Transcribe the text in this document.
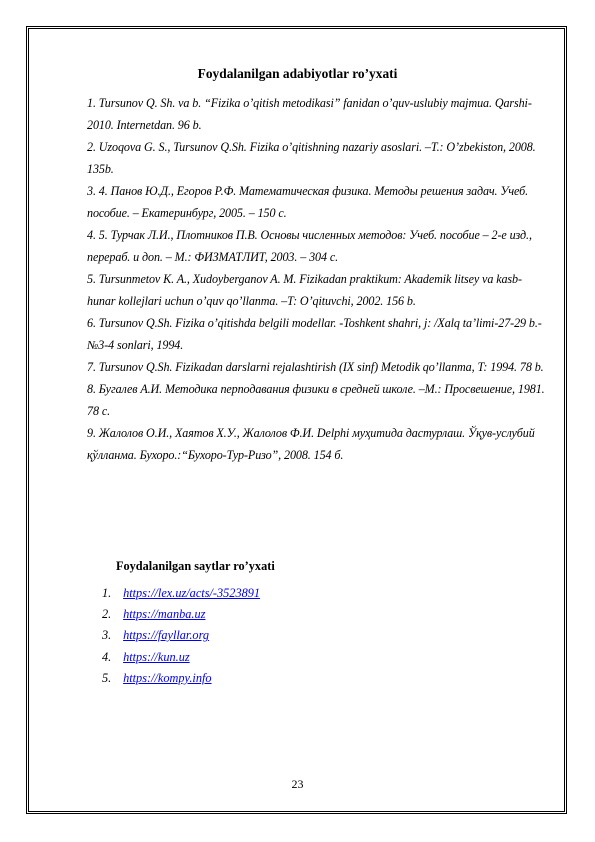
Foydalanilgan adabiyotlar ro’yxati
1. Tursunov Q. Sh. va b. “Fizika o’qitish metodikasi” fanidan o’quv-uslubiy majmua. Qarshi-2010. Internetdan. 96 b.
2. Uzoqova G. S., Tursunov Q.Sh. Fizika o’qitishning nazariy asoslari. –T.: O’zbekiston, 2008. 135b.
3. 4. Панов Ю.Д., Егоров Р.Ф. Математическая физика. Методы решения задач. Учеб. пособие. – Екатеринбург, 2005. – 150 с.
4. 5. Турчак Л.И., Плотников П.В. Основы численных методов: Учеб. пособие – 2-е изд., перераб. и доп. – М.: ФИЗМАТЛИТ, 2003. – 304 с.
5. Tursunmetov K. A., Xudoyberganov A. M. Fizikadan praktikum: Akademik litsey va kasb-hunar kollejlari uchun o’quv qo’llanma. –T: O’qituvchi, 2002. 156 b.
6. Tursunov Q.Sh. Fizika o’qitishda belgili modellar. -Toshkent shahri, j: /Xalq ta’limi-27-29 b.-№3-4 sonlari, 1994.
7. Tursunov Q.Sh. Fizikadan darslarni rejalashtirish (IX sinf) Metodik qo’llanma, T: 1994. 78 b.
8. Бугалев А.И. Методика перподавания физики в средней школе. –М.: Просвешение, 1981. 78 с.
9. Жалолов О.И., Хаятов Х.У., Жалолов Ф.И. Delphi муҳитида дастурлаш. Ўқув-услубий қўлланма. Бухоро.:“Бухоро-Тур-Ризо”, 2008. 154 б.
Foydalanilgan saytlar ro’yxati
1. https://lex.uz/acts/-3523891
2. https://manba.uz
3. https://fayllar.org
4. https://kun.uz
5. https://kompy.info
23
